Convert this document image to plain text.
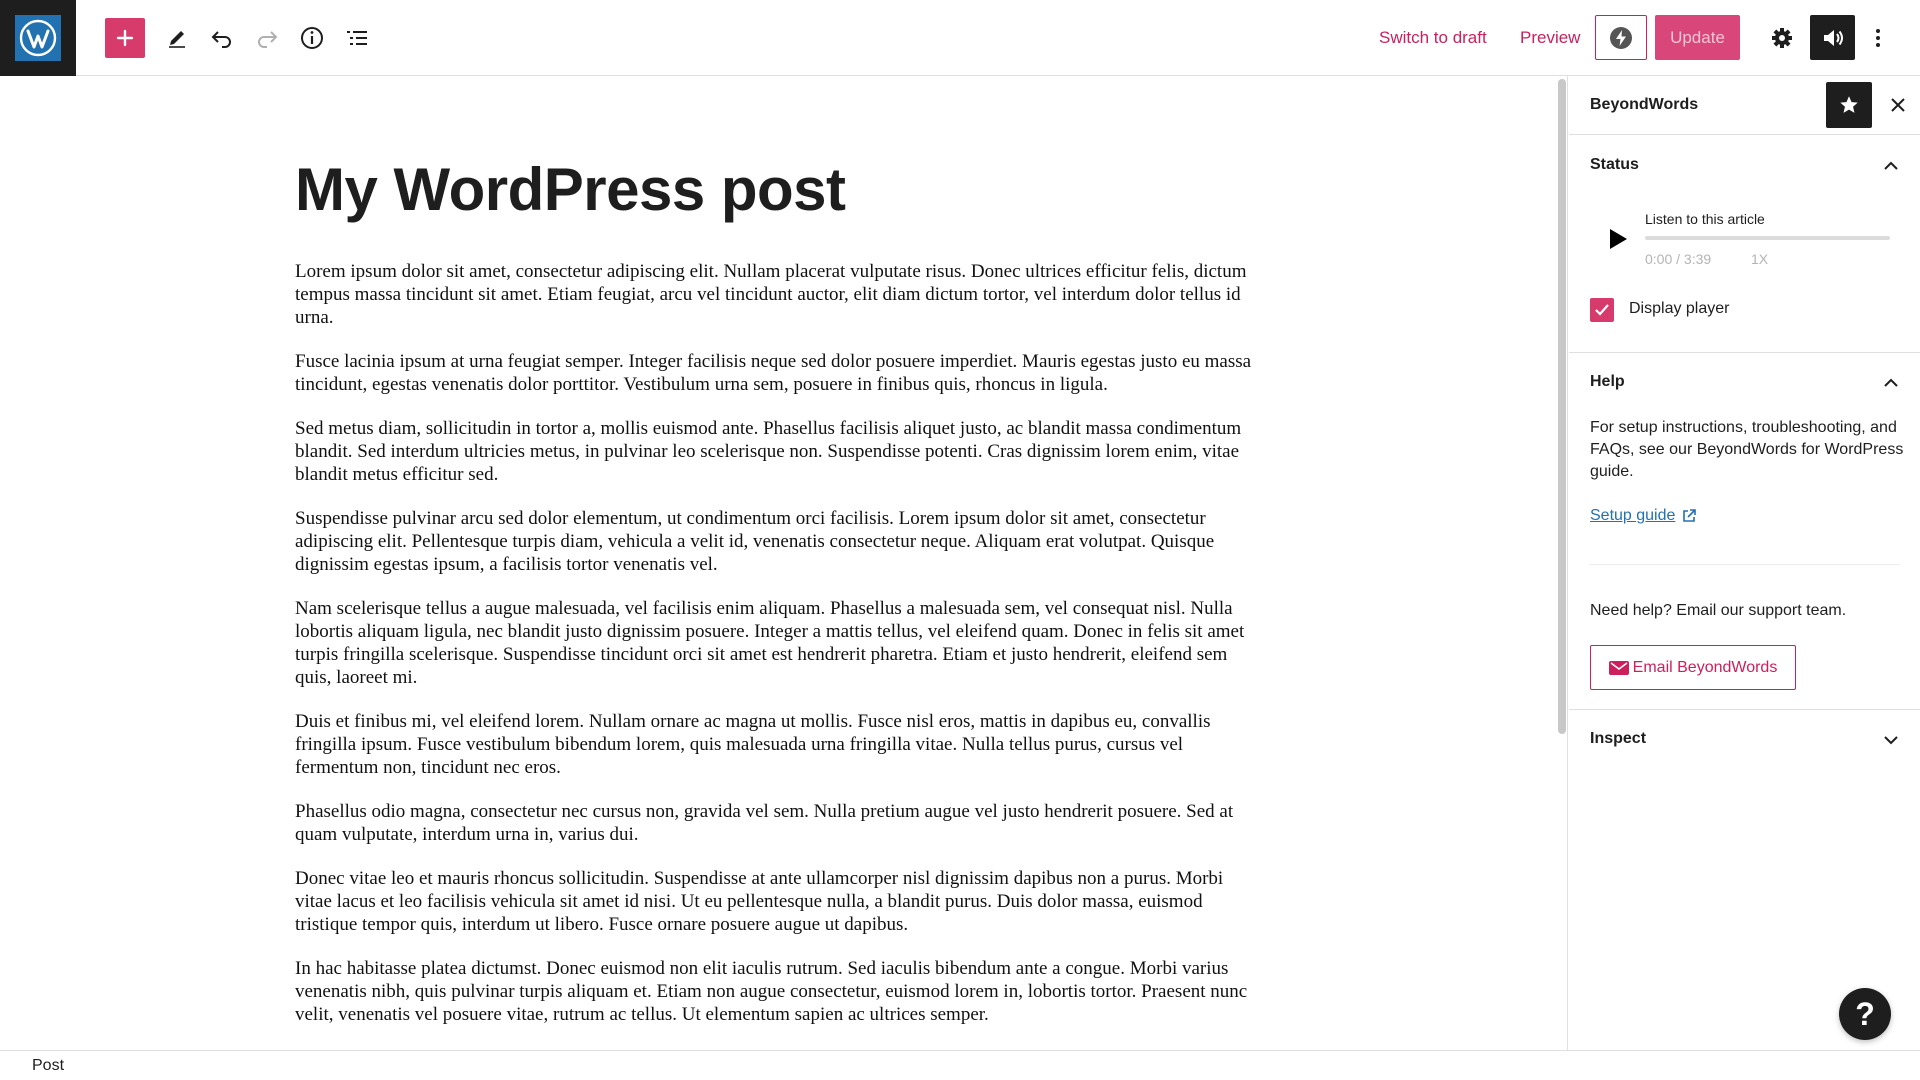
Switch to draft Preview	Update
My WordPress post

Lorem ipsum dolor sit amet, consectetur adipiscing elit. Nullam placerat vulputate risus. Donec ultrices efficitur felis, dictum tempus massa tincidunt sit amet. Etiam feugiat, arcu vel tincidunt auctor, elit diam dictum tortor, vel interdum dolor tellus id urna.

Fusce lacinia ipsum at urna feugiat semper. Integer facilisis neque sed dolor posuere imperdiet. Mauris egestas justo eu massa tincidunt, egestas venenatis dolor porttitor. Vestibulum urna sem, posuere in finibus quis, rhoncus in ligula.

Sed metus diam, sollicitudin in tortor a, mollis euismod ante. Phasellus facilisis aliquet justo, ac blandit massa condimentum blandit. Sed interdum ultricies metus, in pulvinar leo scelerisque non. Suspendisse potenti. Cras dignissim lorem enim, vitae blandit metus efficitur sed.

Suspendisse pulvinar arcu sed dolor elementum, ut condimentum orci facilisis. Lorem ipsum dolor sit amet, consectetur adipiscing elit. Pellentesque turpis diam, vehicula a velit id, venenatis consectetur neque. Aliquam erat volutpat. Quisque dignissim egestas ipsum, a facilisis tortor venenatis vel.

Nam scelerisque tellus a augue malesuada, vel facilisis enim aliquam. Phasellus a malesuada sem, vel consequat nisl. Nulla lobortis aliquam ligula, nec blandit justo dignissim posuere. Integer a mattis tellus, vel eleifend quam. Donec in felis sit amet turpis fringilla scelerisque. Suspendisse tincidunt orci sit amet est hendrerit pharetra. Etiam et justo hendrerit, eleifend sem quis, laoreet mi.

Duis et finibus mi, vel eleifend lorem. Nullam ornare ac magna ut mollis. Fusce nisl eros, mattis in dapibus eu, convallis fringilla ipsum. Fusce vestibulum bibendum lorem, quis malesuada urna fringilla vitae. Nulla tellus purus, cursus vel fermentum non, tincidunt nec eros.

Phasellus odio magna, consectetur nec cursus non, gravida vel sem. Nulla pretium augue vel justo hendrerit posuere. Sed at quam vulputate, interdum urna in, varius dui.

Donec vitae leo et mauris rhoncus sollicitudin. Suspendisse at ante ullamcorper nisl dignissim dapibus non a purus. Morbi vitae lacus et leo facilisis vehicula sit amet id nisi. Ut eu pellentesque nulla, a blandit purus. Duis dolor massa, euismod tristique tempor quis, interdum ut libero. Fusce ornare posuere augue ut dapibus.

In hac habitasse platea dictumst. Donec euismod non elit iaculis rutrum. Sed iaculis bibendum ante a congue. Morbi varius venenatis nibh, quis pulvinar turpis aliquam et. Etiam non augue consectetur, euismod lorem in, lobortis tortor. Praesent nunc velit, venenatis vel posuere vitae, rutrum ac tellus. Ut elementum sapien ac ultrices semper.

BeyondWords
Status
Listen to this article
0:00 / 3:39	1X
Display player
Help
For setup instructions, troubleshooting, and FAQs, see our BeyondWords for WordPress guide.
Setup guide
Need help? Email our support team.
Email BeyondWords
Inspect
Post
?
